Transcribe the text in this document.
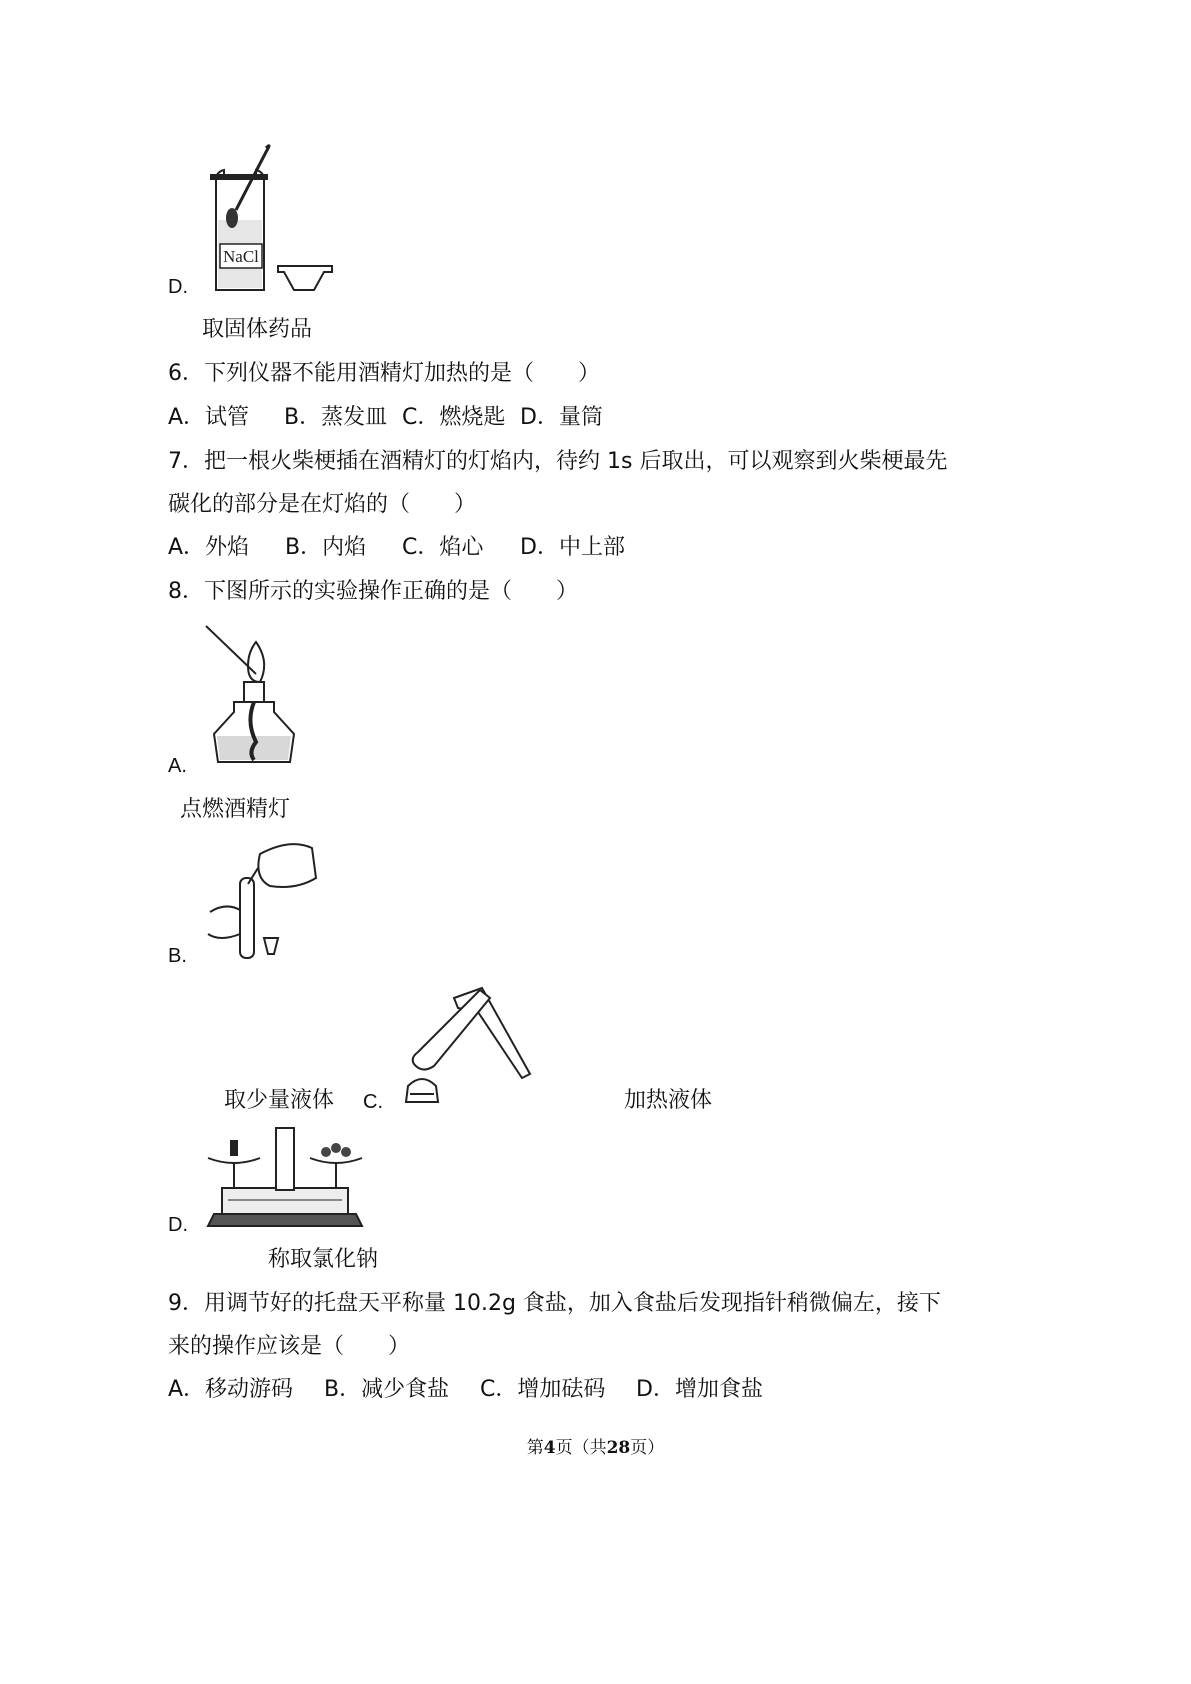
D.
NaCl
取固体药品
6．下列仪器不能用酒精灯加热的是（　　）
A．试管 B．蒸发皿 C．燃烧匙 D．量筒
7．把一根火柴梗插在酒精灯的灯焰内，待约 1s 后取出，可以观察到火柴梗最先
碳化的部分是在灯焰的（　　）
A．外焰 B．内焰 C．焰心 D．中上部
8．下图所示的实验操作正确的是（　　）
A.
点燃酒精灯
B.
取少量液体 C.	加热液体
D.
称取氯化钠
9．用调节好的托盘天平称量 10.2g 食盐，加入食盐后发现指针稍微偏左，接下
来的操作应该是（　　）
A．移动游码 B．减少食盐 C．增加砝码 D．增加食盐
第4页（共28页）
